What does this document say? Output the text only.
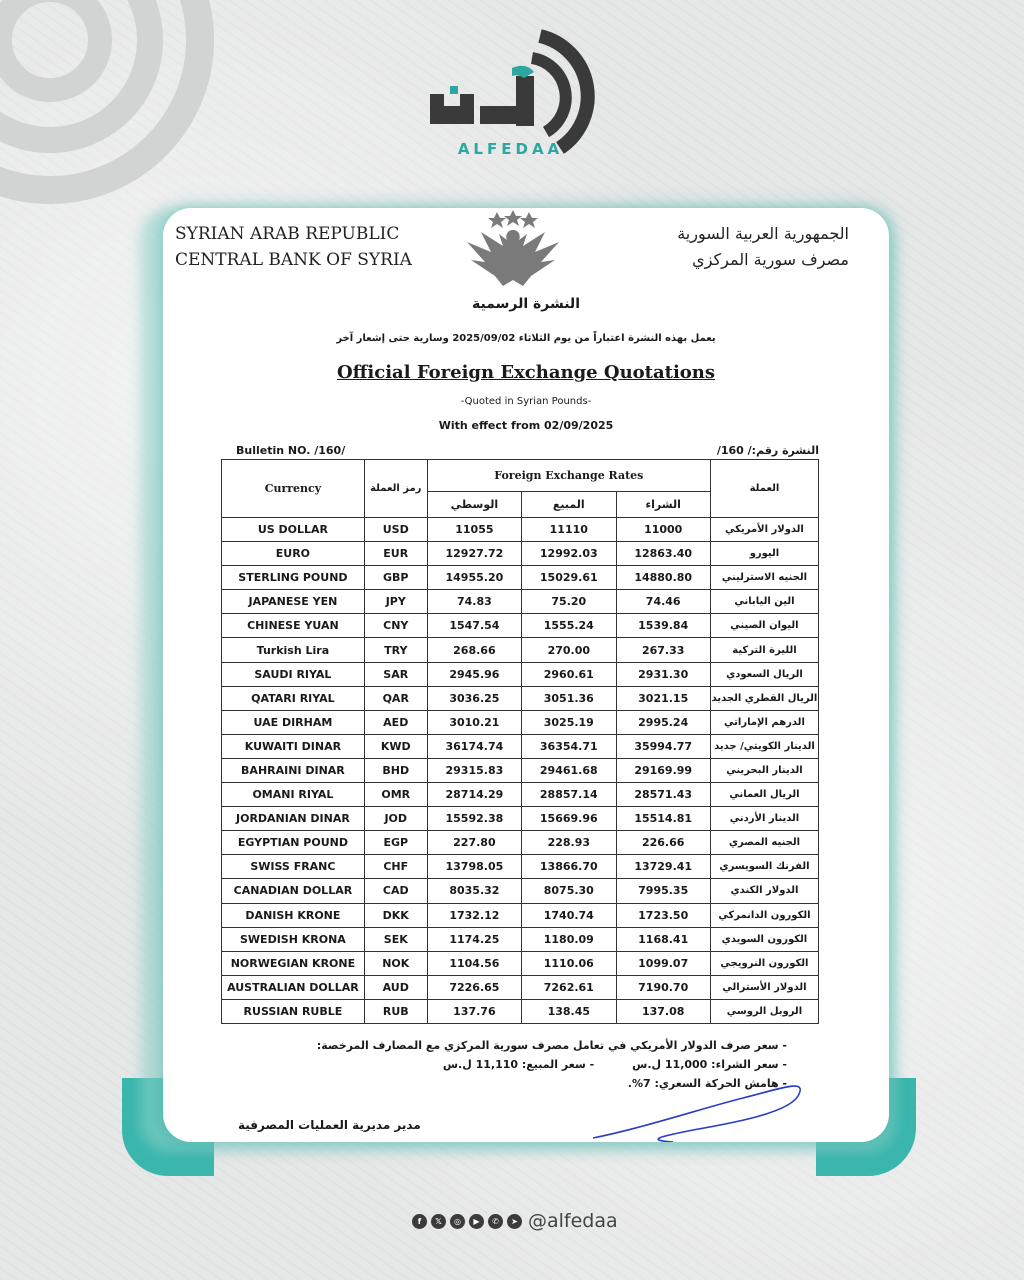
ALFEDAA
SYRIAN ARAB REPUBLIC
CENTRAL BANK OF SYRIA
الجمهورية العربية السورية
مصرف سورية المركزي
النشرة الرسمية
يعمل بهذه النشرة اعتباراً من يوم الثلاثاء 2025/09/02 وسارية حتى إشعار آخر
Official Foreign Exchange Quotations
-Quoted in Syrian Pounds-
With effect from 02/09/2025
Bulletin NO. /160/	النشرة رقم:/ 160/
Currency	رمز العملة	Foreign Exchange Rates			العملة
		الوسطي	المبيع	الشراء	
US DOLLAR	USD	11055	11110	11000	الدولار الأمريكي
EURO	EUR	12927.72	12992.03	12863.40	اليورو
STERLING POUND	GBP	14955.20	15029.61	14880.80	الجنيه الاسترليني
JAPANESE YEN	JPY	74.83	75.20	74.46	الين الياباني
CHINESE YUAN	CNY	1547.54	1555.24	1539.84	اليوان الصيني
Turkish Lira	TRY	268.66	270.00	267.33	الليرة التركية
SAUDI RIYAL	SAR	2945.96	2960.61	2931.30	الريال السعودي
QATARI RIYAL	QAR	3036.25	3051.36	3021.15	الريال القطري الجديد
UAE DIRHAM	AED	3010.21	3025.19	2995.24	الدرهم الإماراتي
KUWAITI DINAR	KWD	36174.74	36354.71	35994.77	الدينار الكويتي/ جديد
BAHRAINI DINAR	BHD	29315.83	29461.68	29169.99	الدينار البحريني
OMANI RIYAL	OMR	28714.29	28857.14	28571.43	الريال العماني
JORDANIAN DINAR	JOD	15592.38	15669.96	15514.81	الدينار الأردني
EGYPTIAN POUND	EGP	227.80	228.93	226.66	الجنيه المصري
SWISS FRANC	CHF	13798.05	13866.70	13729.41	الفرنك السويسري
CANADIAN DOLLAR	CAD	8035.32	8075.30	7995.35	الدولار الكندي
DANISH KRONE	DKK	1732.12	1740.74	1723.50	الكورون الدانمركي
SWEDISH KRONA	SEK	1174.25	1180.09	1168.41	الكورون السويدي
NORWEGIAN KRONE	NOK	1104.56	1110.06	1099.07	الكورون النرويجي
AUSTRALIAN DOLLAR	AUD	7226.65	7262.61	7190.70	الدولار الأسترالي
RUSSIAN RUBLE	RUB	137.76	138.45	137.08	الروبل الروسي
- سعر صرف الدولار الأمريكي في تعامل مصرف سورية المركزي مع المصارف المرخصة:
- سعر الشراء: 11,000 ل.س- سعر المبيع: 11,110 ل.س
- هامش الحركة السعري: 7%.
مدير مديرية العمليات المصرفية
f	𝕏	◎	▶	✆	➤ @alfedaa
